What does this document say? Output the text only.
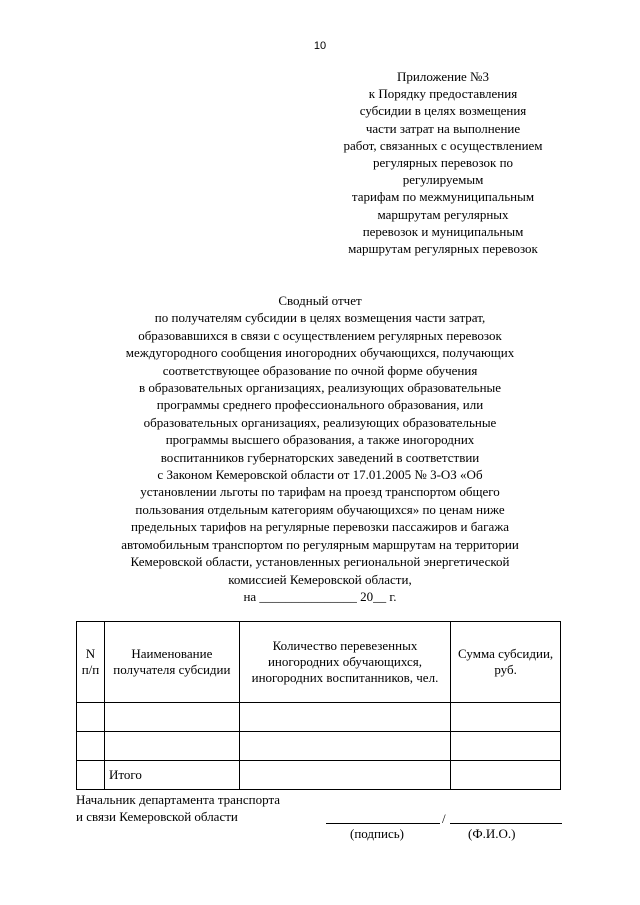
10
Приложение №3
к Порядку предоставления
субсидии в целях возмещения
части затрат на выполнение
работ, связанных с осуществлением
регулярных перевозок по
регулируемым
тарифам по межмуниципальным
маршрутам регулярных
перевозок и муниципальным
маршрутам регулярных перевозок
Сводный отчет
по получателям субсидии в целях возмещения части затрат,
образовавшихся в связи с осуществлением регулярных перевозок
междугородного сообщения иногородних обучающихся, получающих
соответствующее образование по очной форме обучения
в образовательных организациях, реализующих образовательные
программы среднего профессионального образования, или
образовательных организациях, реализующих образовательные
программы высшего образования, а также иногородних
воспитанников губернаторских заведений в соответствии
с Законом Кемеровской области от 17.01.2005 № 3-ОЗ «Об
установлении льготы по тарифам на проезд транспортом общего
пользования отдельным категориям обучающихся» по ценам ниже
предельных тарифов на регулярные перевозки пассажиров и багажа
автомобильным транспортом по регулярным маршрутам на территории
Кемеровской области, установленных региональной энергетической
комиссией Кемеровской области,
на _______________ 20__ г.
N п/п	Наименование получателя субсидии	Количество перевезенных иногородних обучающихся, иногородних воспитанников, чел.	Сумма субсидии, руб.

	Итого		
Начальник департамента транспорта
и связи Кемеровской области	/
(подпись)	(Ф.И.О.)
